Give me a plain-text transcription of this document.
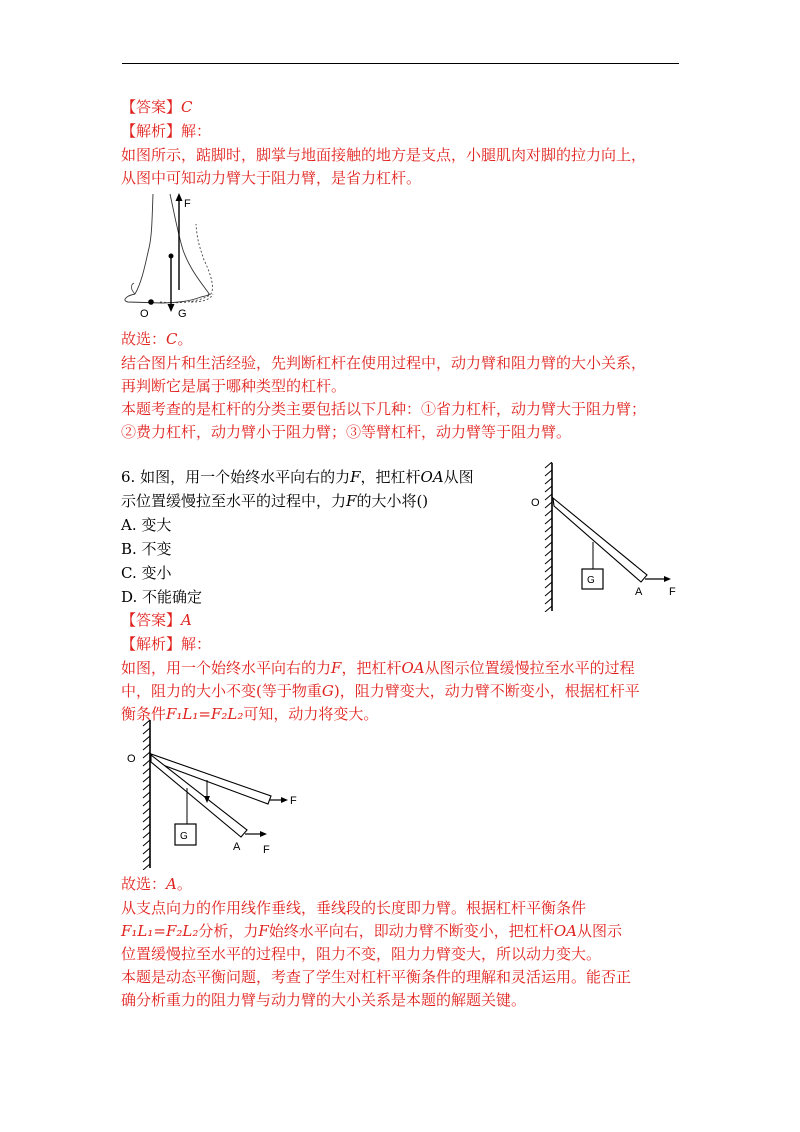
【答案】C
【解析】解：
如图所示，踮脚时，脚掌与地面接触的地方是支点，小腿肌肉对脚的拉力向上，
从图中可知动力臂大于阻力臂，是省力杠杆。
F
G
O
故选：C。
结合图片和生活经验，先判断杠杆在使用过程中，动力臂和阻力臂的大小关系，
再判断它是属于哪种类型的杠杆。
本题考查的是杠杆的分类主要包括以下几种：①省力杠杆，动力臂大于阻力臂；
②费力杠杆，动力臂小于阻力臂；③等臂杠杆，动力臂等于阻力臂。
6. 如图，用一个始终水平向右的力F，把杠杆OA从图
示位置缓慢拉至水平的过程中，力F的大小将()
A. 变大
B. 不变
C. 变小
D. 不能确定
O
G
A F
【答案】A
【解析】解：
如图，用一个始终水平向右的力F，把杠杆OA从图示位置缓慢拉至水平的过程
中，阻力的大小不变(等于物重G)，阻力臂变大，动力臂不断变小，根据杠杆平
衡条件F₁L₁=F₂L₂可知，动力将变大。
O
G
F
A F
故选：A。
从支点向力的作用线作垂线，垂线段的长度即力臂。根据杠杆平衡条件
F₁L₁=F₂L₂分析，力F始终水平向右，即动力臂不断变小，把杠杆OA从图示
位置缓慢拉至水平的过程中，阻力不变，阻力力臂变大，所以动力变大。
本题是动态平衡问题，考查了学生对杠杆平衡条件的理解和灵活运用。能否正
确分析重力的阻力臂与动力臂的大小关系是本题的解题关键。
